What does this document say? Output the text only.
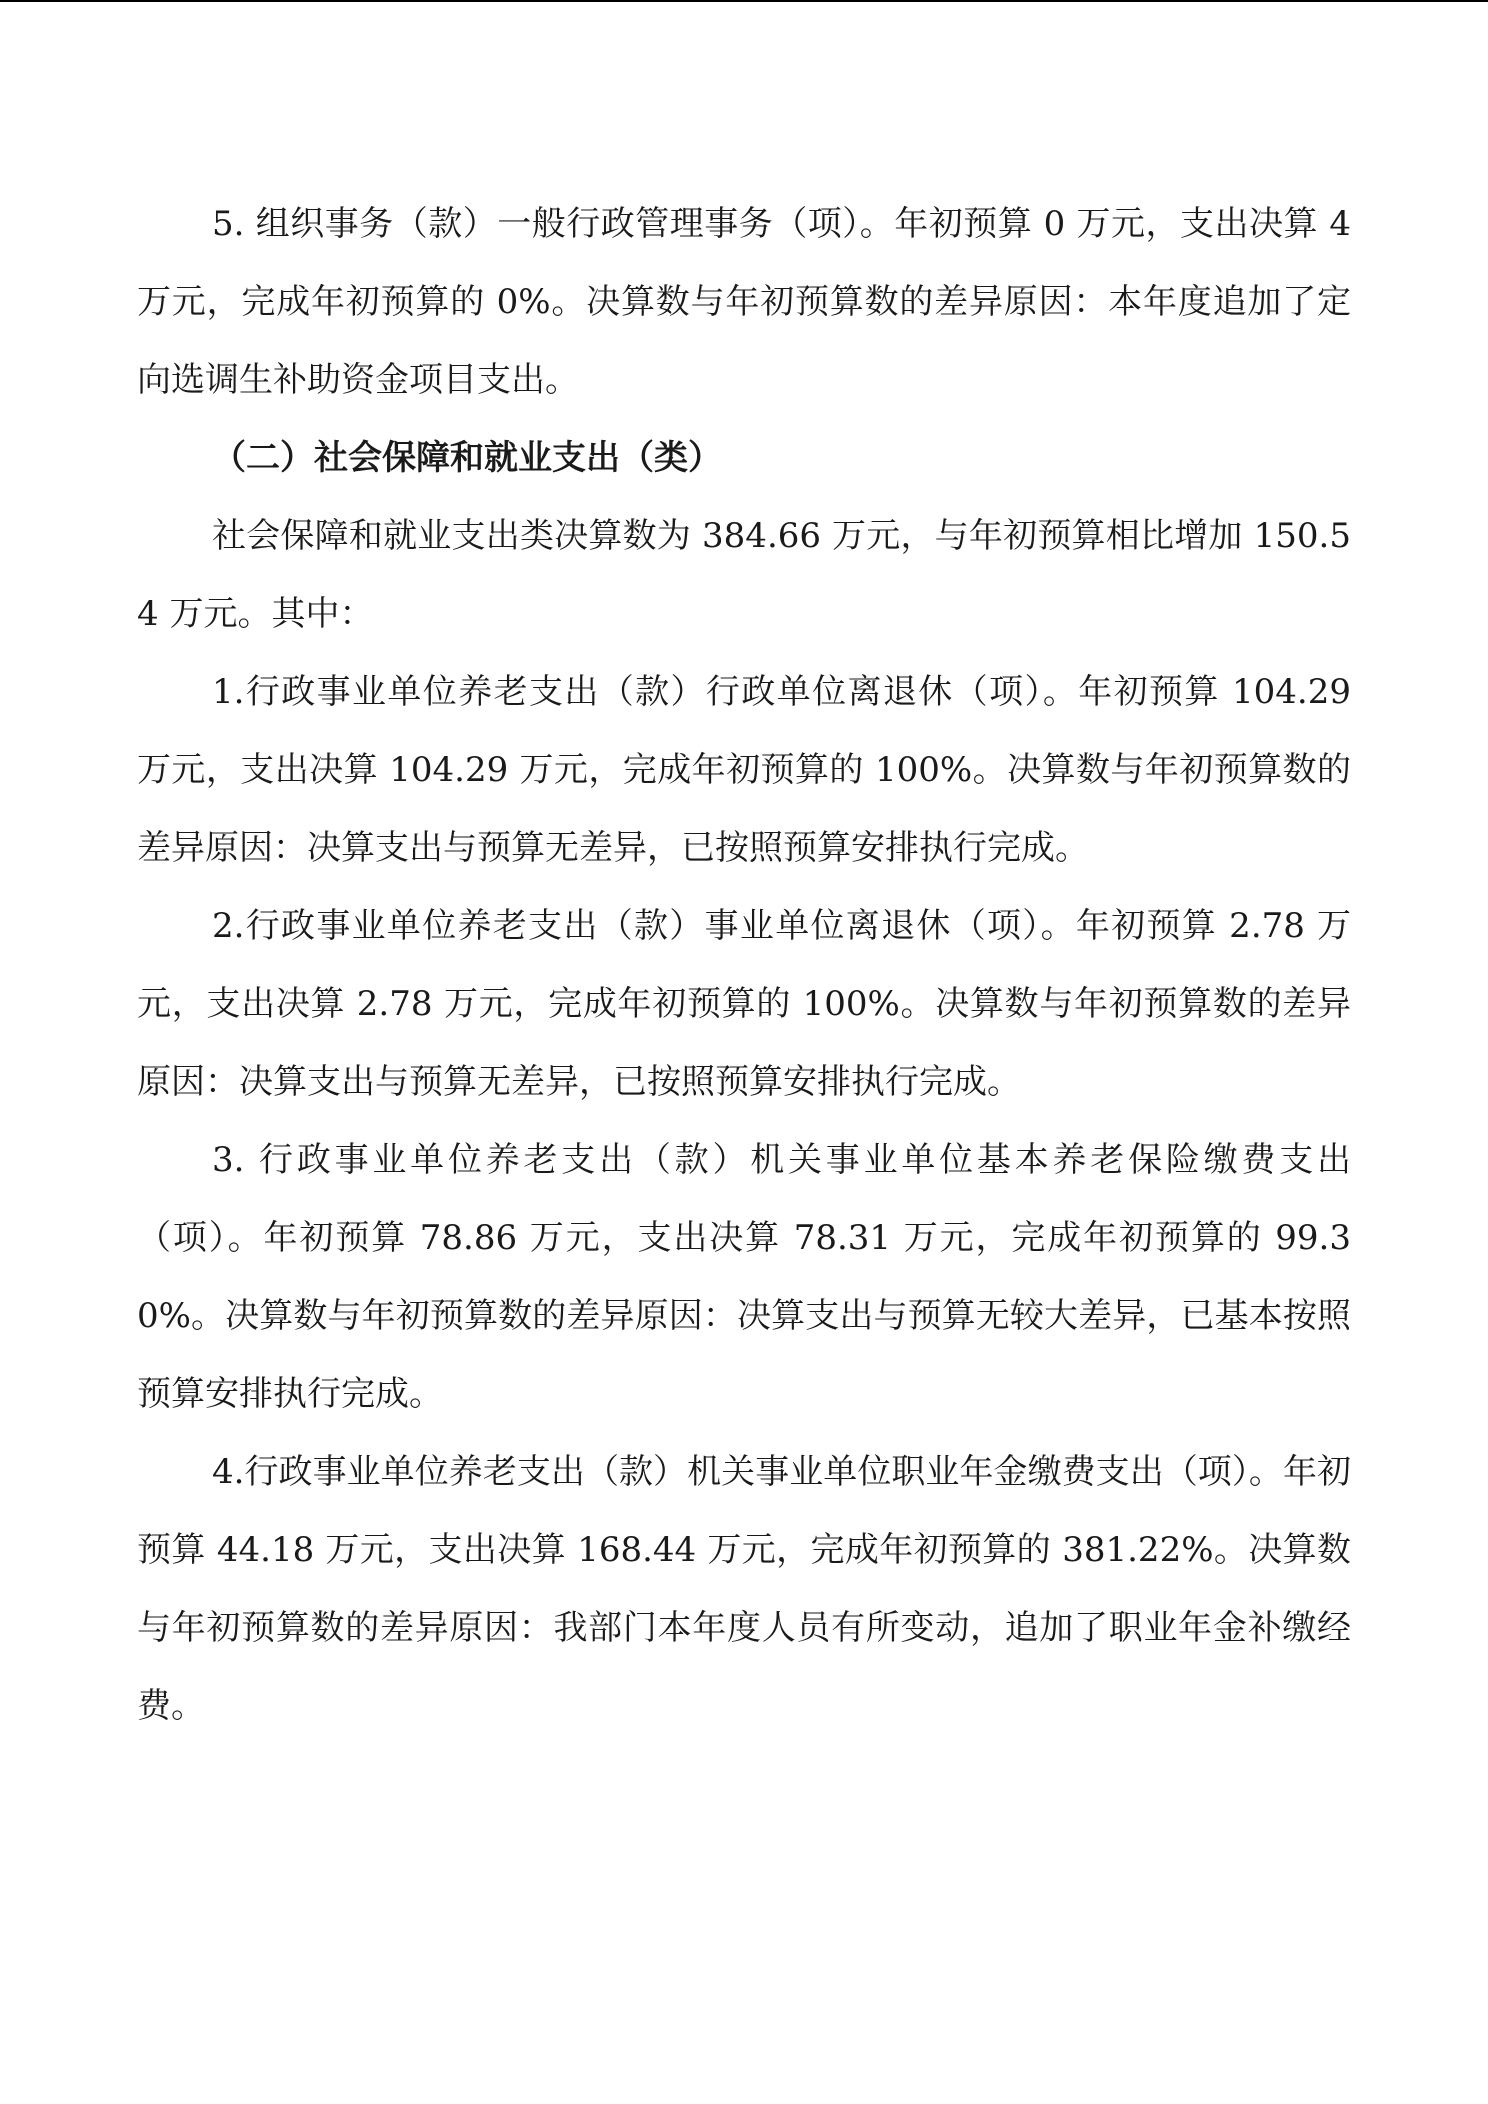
5. 组织事务（款）一般行政管理事务（项）。年初预算 0 万元，支出决算 4 万元，完成年初预算的 0%。决算数与年初预算数的差异原因：本年度追加了定向选调生补助资金项目支出。

（二）社会保障和就业支出（类）

社会保障和就业支出类决算数为 384.66 万元，与年初预算相比增加 150.54 万元。其中：

1.行政事业单位养老支出（款）行政单位离退休（项）。年初预算 104.29 万元，支出决算 104.29 万元，完成年初预算的 100%。决算数与年初预算数的差异原因：决算支出与预算无差异，已按照预算安排执行完成。

2.行政事业单位养老支出（款）事业单位离退休（项）。年初预算 2.78 万元，支出决算 2.78 万元，完成年初预算的 100%。决算数与年初预算数的差异原因：决算支出与预算无差异，已按照预算安排执行完成。

3. 行政事业单位养老支出（款）机关事业单位基本养老保险缴费支出（项）。年初预算 78.86 万元，支出决算 78.31 万元，完成年初预算的 99.30%。决算数与年初预算数的差异原因：决算支出与预算无较大差异，已基本按照预算安排执行完成。

4.行政事业单位养老支出（款）机关事业单位职业年金缴费支出（项）。年初预算 44.18 万元，支出决算 168.44 万元，完成年初预算的 381.22%。决算数与年初预算数的差异原因：我部门本年度人员有所变动，追加了职业年金补缴经费。
